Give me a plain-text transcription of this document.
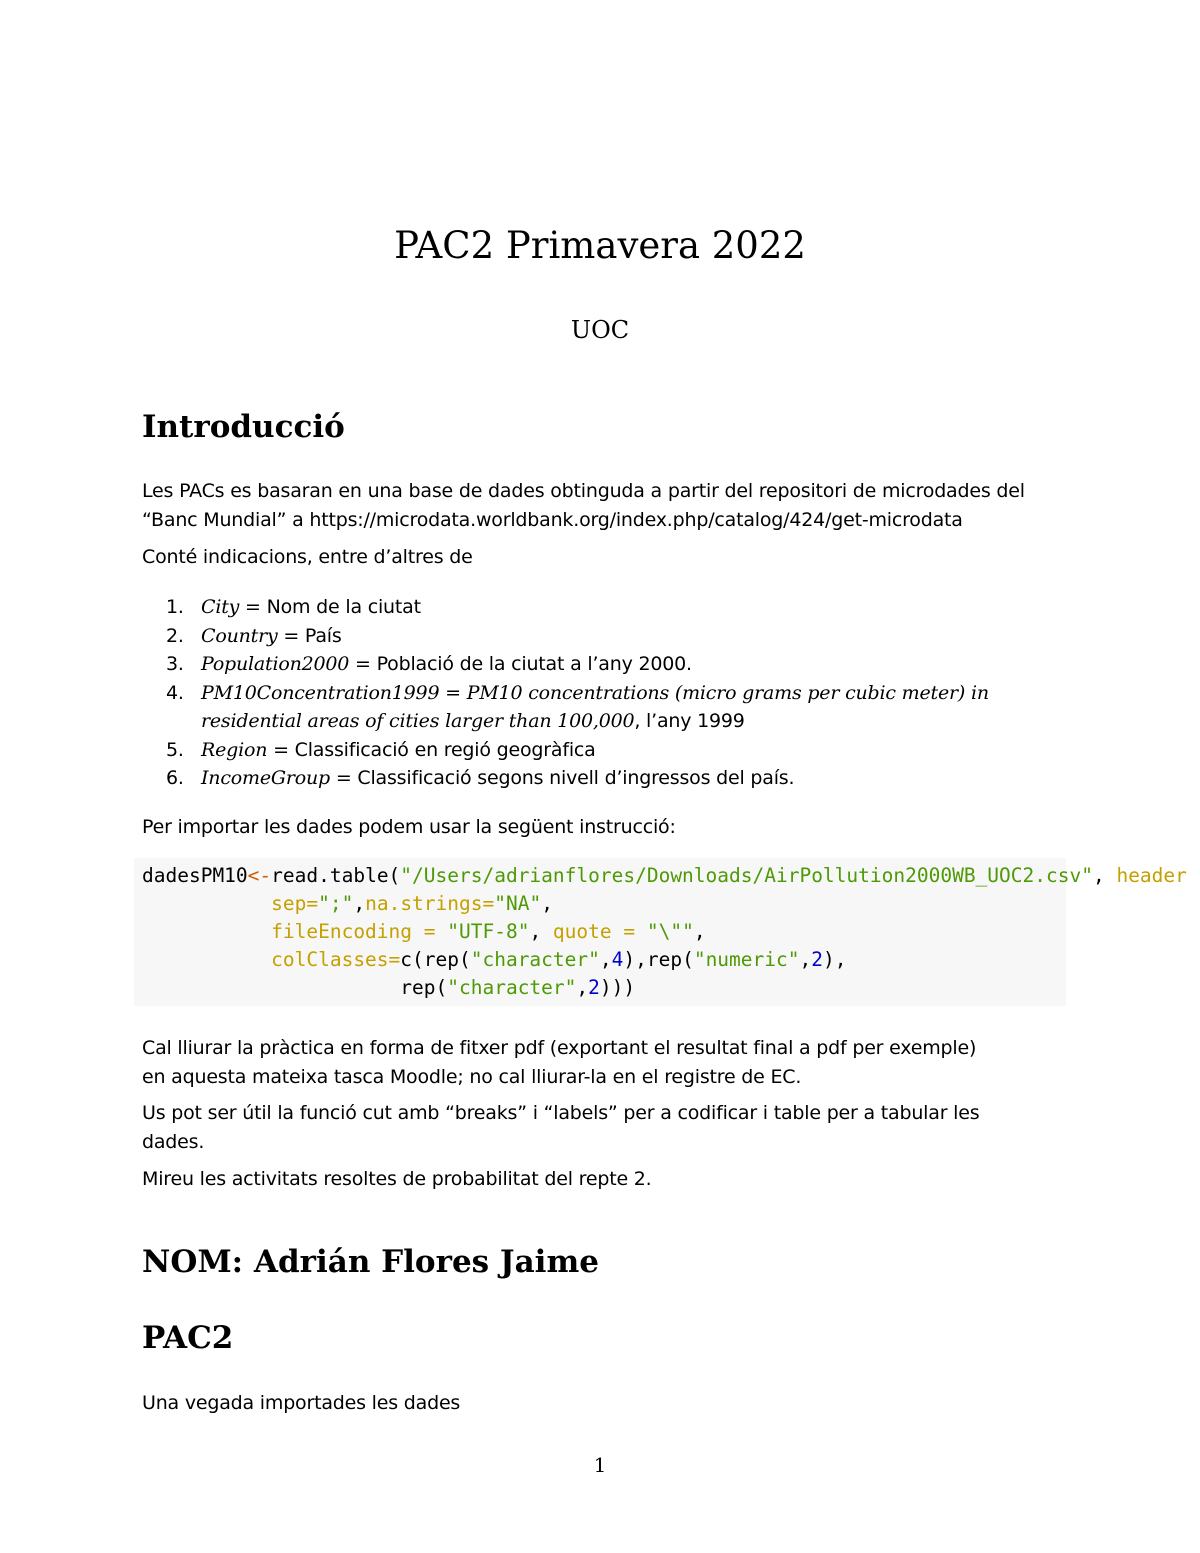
PAC2 Primavera 2022
UOC
Introducció
Les PACs es basaran en una base de dades obtinguda a partir del repositori de microdades del
“Banc Mundial” a https://microdata.worldbank.org/index.php/catalog/424/get-microdata
Conté indicacions, entre d’altres de
1. City = Nom de la ciutat
2. Country = País
3. Population2000 = Població de la ciutat a l’any 2000.
4. PM10Concentration1999 = PM10 concentrations (micro grams per cubic meter) in residential areas of cities larger than 100,000, l’any 1999
5. Region = Classificació en regió geogràfica
6. IncomeGroup = Classificació segons nivell d’ingressos del país.
Per importar les dades podem usar la següent instrucció:
dadesPM10<-read.table("/Users/adrianflores/Downloads/AirPollution2000WB_UOC2.csv", header
sep=";",na.strings="NA",
fileEncoding = "UTF-8", quote = "\"",
colClasses=c(rep("character",4),rep("numeric",2),
rep("character",2)))
Cal lliurar la pràctica en forma de fitxer pdf (exportant el resultat final a pdf per exemple)
en aquesta mateixa tasca Moodle; no cal lliurar-la en el registre de EC.
Us pot ser útil la funció cut amb “breaks” i “labels” per a codificar i table per a tabular les
dades.
Mireu les activitats resoltes de probabilitat del repte 2.
NOM: Adrián Flores Jaime
PAC2
Una vegada importades les dades
1
